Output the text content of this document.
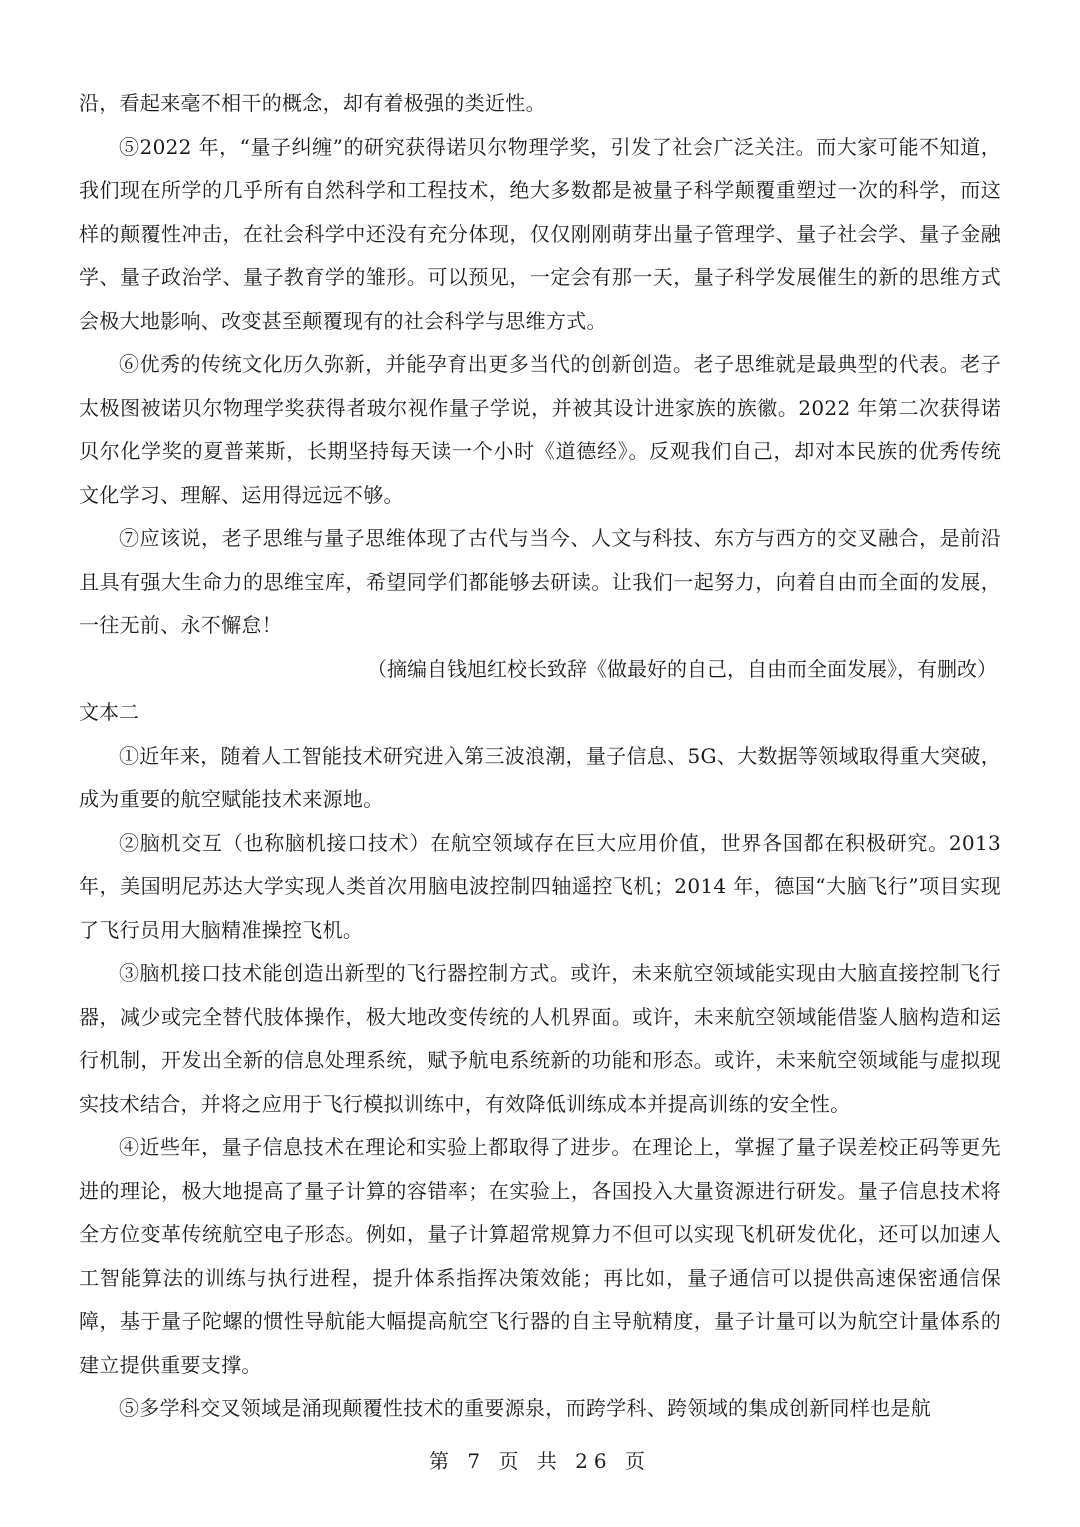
沿，看起来毫不相干的概念，却有着极强的类近性。

⑤2022 年，“量子纠缠”的研究获得诺贝尔物理学奖，引发了社会广泛关注。而大家可能不知道，我们现在所学的几乎所有自然科学和工程技术，绝大多数都是被量子科学颠覆重塑过一次的科学，而这样的颠覆性冲击，在社会科学中还没有充分体现，仅仅刚刚萌芽出量子管理学、量子社会学、量子金融学、量子政治学、量子教育学的雏形。可以预见，一定会有那一天，量子科学发展催生的新的思维方式会极大地影响、改变甚至颠覆现有的社会科学与思维方式。

⑥优秀的传统文化历久弥新，并能孕育出更多当代的创新创造。老子思维就是最典型的代表。老子太极图被诺贝尔物理学奖获得者玻尔视作量子学说，并被其设计进家族的族徽。2022 年第二次获得诺贝尔化学奖的夏普莱斯，长期坚持每天读一个小时《道德经》。反观我们自己，却对本民族的优秀传统文化学习、理解、运用得远远不够。

⑦应该说，老子思维与量子思维体现了古代与当今、人文与科技、东方与西方的交叉融合，是前沿且具有强大生命力的思维宝库，希望同学们都能够去研读。让我们一起努力，向着自由而全面的发展，一往无前、永不懈怠！

（摘编自钱旭红校长致辞《做最好的自己，自由而全面发展》，有删改）

文本二

①近年来，随着人工智能技术研究进入第三波浪潮，量子信息、5G、大数据等领域取得重大突破，成为重要的航空赋能技术来源地。

②脑机交互（也称脑机接口技术）在航空领域存在巨大应用价值，世界各国都在积极研究。2013 年，美国明尼苏达大学实现人类首次用脑电波控制四轴遥控飞机；2014 年，德国“大脑飞行”项目实现了飞行员用大脑精准操控飞机。

③脑机接口技术能创造出新型的飞行器控制方式。或许，未来航空领域能实现由大脑直接控制飞行器，减少或完全替代肢体操作，极大地改变传统的人机界面。或许，未来航空领域能借鉴人脑构造和运行机制，开发出全新的信息处理系统，赋予航电系统新的功能和形态。或许，未来航空领域能与虚拟现实技术结合，并将之应用于飞行模拟训练中，有效降低训练成本并提高训练的安全性。

④近些年，量子信息技术在理论和实验上都取得了进步。在理论上，掌握了量子误差校正码等更先进的理论，极大地提高了量子计算的容错率；在实验上，各国投入大量资源进行研发。量子信息技术将全方位变革传统航空电子形态。例如，量子计算超常规算力不但可以实现飞机研发优化，还可以加速人工智能算法的训练与执行进程，提升体系指挥决策效能；再比如，量子通信可以提供高速保密通信保障，基于量子陀螺的惯性导航能大幅提高航空飞行器的自主导航精度，量子计量可以为航空计量体系的建立提供重要支撑。

⑤多学科交叉领域是涌现颠覆性技术的重要源泉，而跨学科、跨领域的集成创新同样也是航

第 7 页 共 26 页
